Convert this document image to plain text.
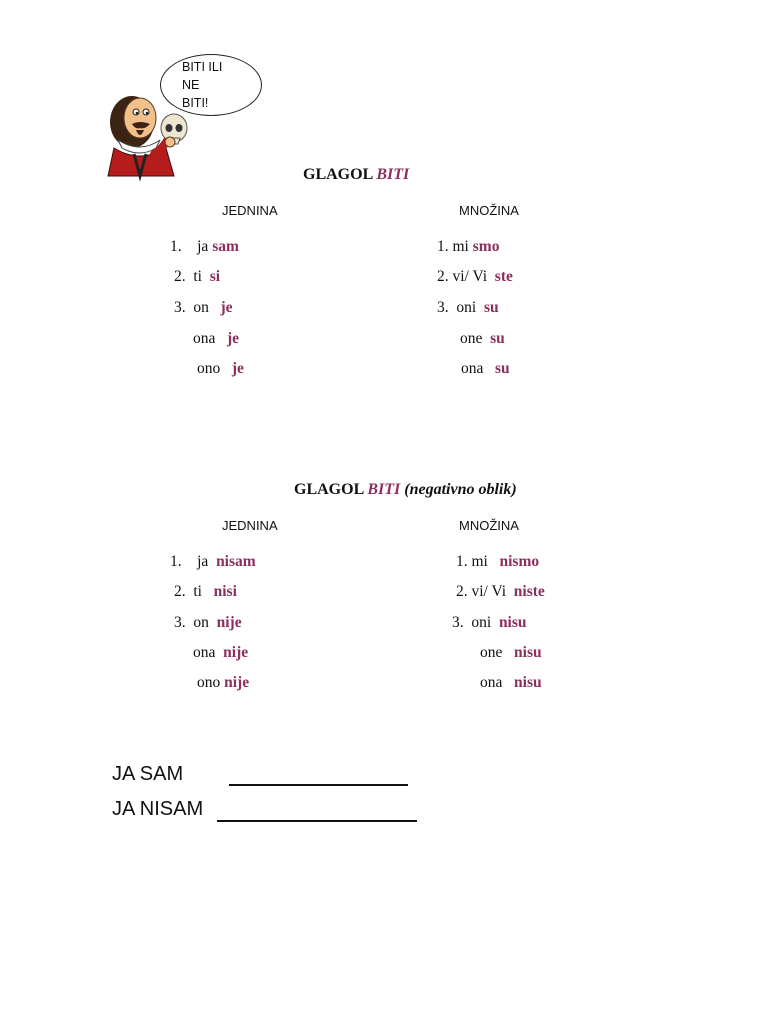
BITI ILI
NE
BITI!
GLAGOL BITI
JEDNINA	MNOŽINA
1. ja sam
2. ti si
3. on je
ona je
ono je
1. mi smo
2. vi/ Vi ste
3. oni su
one su
ona su
GLAGOL BITI (negativno oblik)
JEDNINA	MNOŽINA
1. ja nisam
2. ti nisi
3. on nije
ona nije
ono nije
1. mi nismo
2. vi/ Vi niste
3. oni nisu
one nisu
ona nisu
JA SAM
JA NISAM
